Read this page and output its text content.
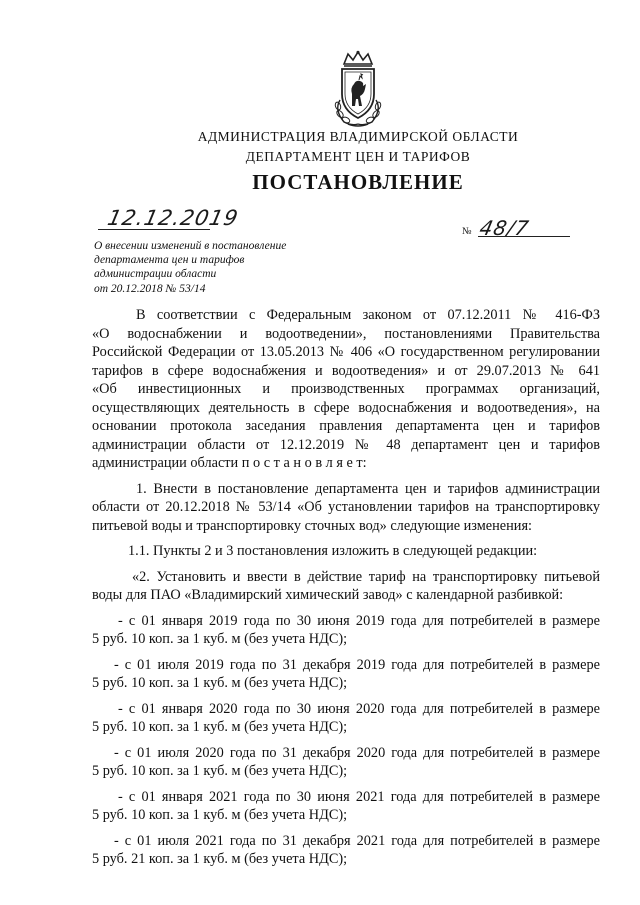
АДМИНИСТРАЦИЯ ВЛАДИМИРСКОЙ ОБЛАСТИ
ДЕПАРТАМЕНТ ЦЕН И ТАРИФОВ
ПОСТАНОВЛЕНИЕ
12.12.2019
№ 48/7
О внесении изменений в постановление
департамента цен и тарифов
администрации области
от 20.12.2018 № 53/14
В соответствии с Федеральным законом от 07.12.2011 № 416-ФЗ
«О водоснабжении и водоотведении», постановлениями Правительства
Российской Федерации от 13.05.2013 № 406 «О государственном регулировании
тарифов в сфере водоснабжения и водоотведения» и от 29.07.2013 № 641
«Об инвестиционных и производственных программах организаций,
осуществляющих деятельность в сфере водоснабжения и водоотведения», на
основании протокола заседания правления департамента цен и тарифов
администрации области от 12.12.2019 № 48 департамент цен и тарифов
администрации области п о с т а н о в л я е т:
1. Внести в постановление департамента цен и тарифов администрации
области от 20.12.2018 № 53/14 «Об установлении тарифов на транспортировку
питьевой воды и транспортировку сточных вод» следующие изменения:
1.1. Пункты 2 и 3 постановления изложить в следующей редакции:
«2. Установить и ввести в действие тариф на транспортировку питьевой
воды для ПАО «Владимирский химический завод» с календарной разбивкой:
- с 01 января 2019 года по 30 июня 2019 года для потребителей в размере
5 руб. 10 коп. за 1 куб. м (без учета НДС);
- с 01 июля 2019 года по 31 декабря 2019 года для потребителей в размере
5 руб. 10 коп. за 1 куб. м (без учета НДС);
- с 01 января 2020 года по 30 июня 2020 года для потребителей в размере
5 руб. 10 коп. за 1 куб. м (без учета НДС);
- с 01 июля 2020 года по 31 декабря 2020 года для потребителей в размере
5 руб. 10 коп. за 1 куб. м (без учета НДС);
- с 01 января 2021 года по 30 июня 2021 года для потребителей в размере
5 руб. 10 коп. за 1 куб. м (без учета НДС);
- с 01 июля 2021 года по 31 декабря 2021 года для потребителей в размере
5 руб. 21 коп. за 1 куб. м (без учета НДС);
